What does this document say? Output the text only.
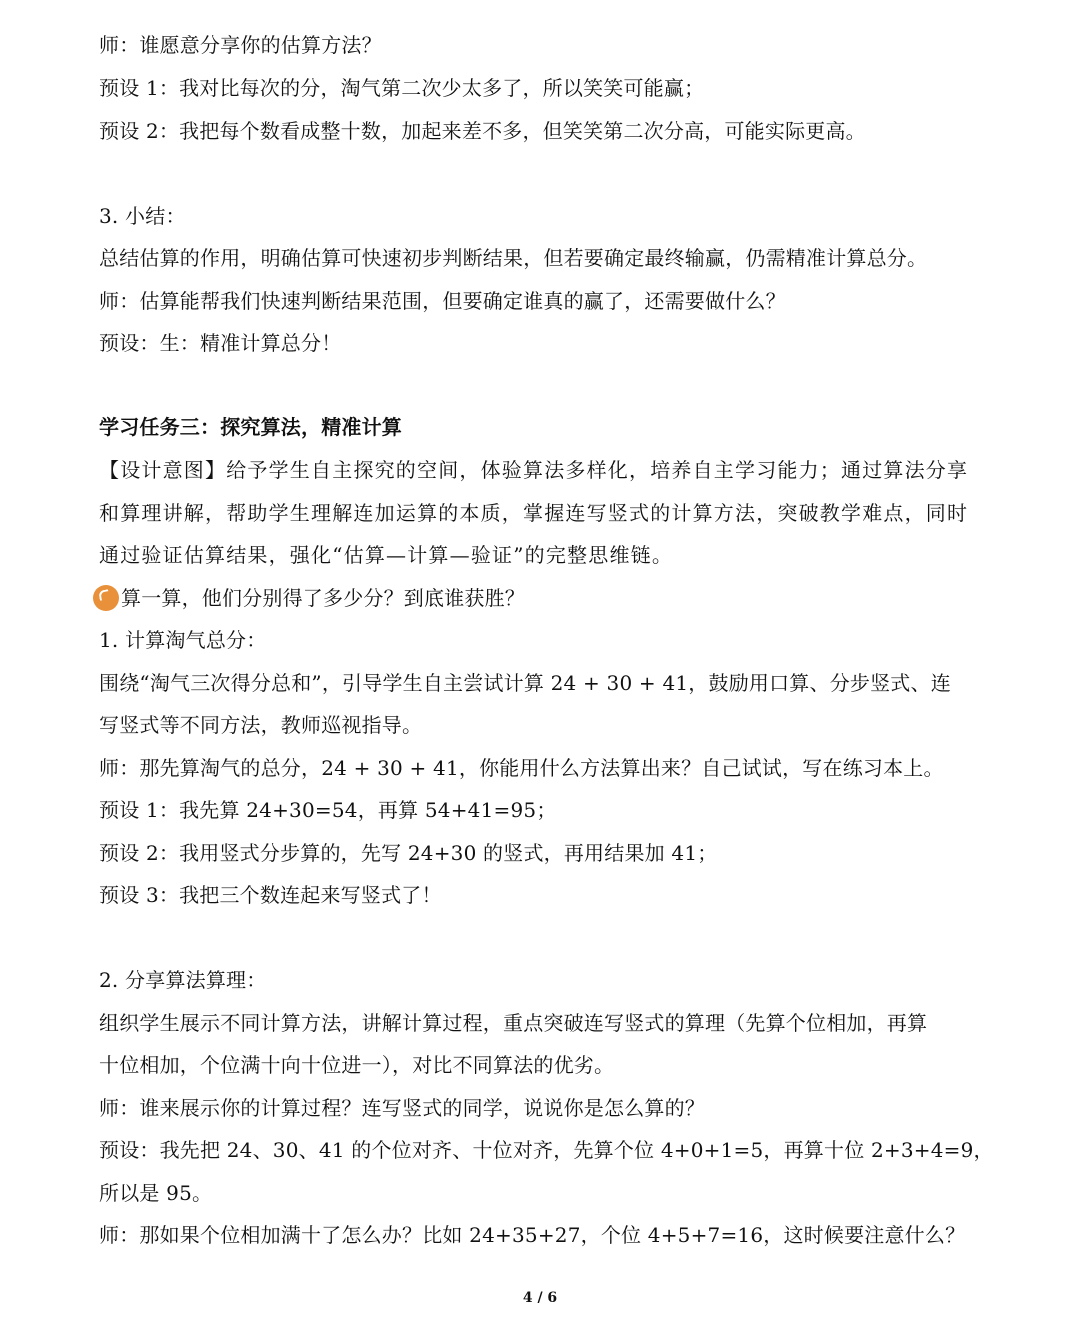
师：谁愿意分享你的估算方法？
预设 1：我对比每次的分，淘气第二次少太多了，所以笑笑可能赢；
预设 2：我把每个数看成整十数，加起来差不多，但笑笑第二次分高，可能实际更高。
3. 小结：
总结估算的作用，明确估算可快速初步判断结果，但若要确定最终输赢，仍需精准计算总分。
师：估算能帮我们快速判断结果范围，但要确定谁真的赢了，还需要做什么？
预设：生：精准计算总分！
学习任务三：探究算法，精准计算
【设计意图】给予学生自主探究的空间，体验算法多样化，培养自主学习能力；通过算法分享
和算理讲解，帮助学生理解连加运算的本质，掌握连写竖式的计算方法，突破教学难点，同时
通过验证估算结果，强化“估算—计算—验证”的完整思维链。
算一算，他们分别得了多少分？到底谁获胜？
1. 计算淘气总分：
围绕“淘气三次得分总和”，引导学生自主尝试计算 24 + 30 + 41，鼓励用口算、分步竖式、连
写竖式等不同方法，教师巡视指导。
师：那先算淘气的总分，24 + 30 + 41，你能用什么方法算出来？自己试试，写在练习本上。
预设 1：我先算 24+30=54，再算 54+41=95；
预设 2：我用竖式分步算的，先写 24+30 的竖式，再用结果加 41；
预设 3：我把三个数连起来写竖式了！
2. 分享算法算理：
组织学生展示不同计算方法，讲解计算过程，重点突破连写竖式的算理（先算个位相加，再算
十位相加，个位满十向十位进一），对比不同算法的优劣。
师：谁来展示你的计算过程？连写竖式的同学，说说你是怎么算的？
预设：我先把 24、30、41 的个位对齐、十位对齐，先算个位 4+0+1=5，再算十位 2+3+4=9，
所以是 95。
师：那如果个位相加满十了怎么办？比如 24+35+27，个位 4+5+7=16，这时候要注意什么？
4 / 6
